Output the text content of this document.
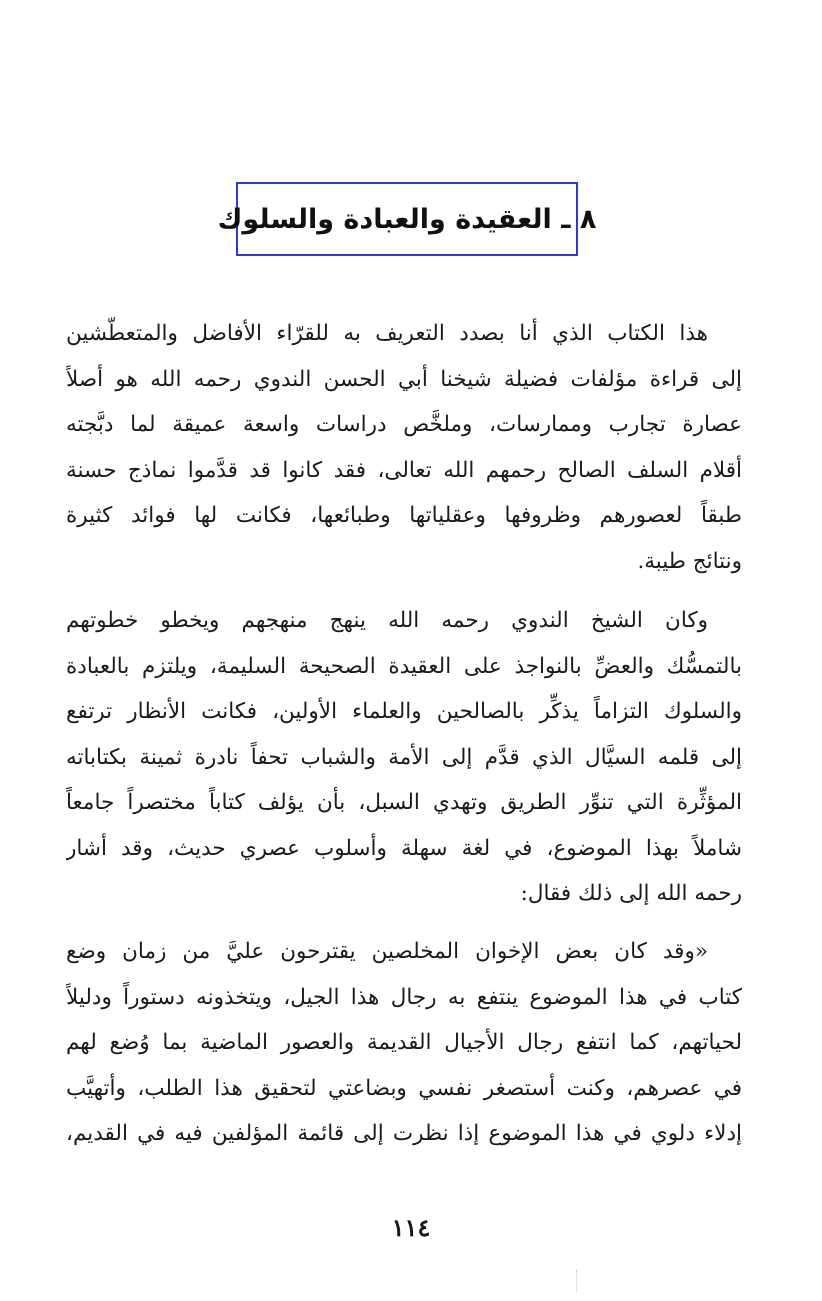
٨ ـ العقيدة والعبادة والسلوك
هذا الكتاب الذي أنا بصدد التعريف به للقرّاء الأفاضل والمتعطّشين
إلى قراءة مؤلفات فضيلة شيخنا أبي الحسن الندوي رحمه الله هو أصلاً
عصارة تجارب وممارسات، وملخَّص دراسات واسعة عميقة لما دبَّجته
أقلام السلف الصالح رحمهم الله تعالى، فقد كانوا قد قدَّموا نماذج حسنة
طبقاً لعصورهم وظروفها وعقلياتها وطبائعها، فكانت لها فوائد كثيرة
ونتائج طيبة.
وكان الشيخ الندوي رحمه الله ينهج منهجهم ويخطو خطوتهم
بالتمسُّك والعضِّ بالنواجذ على العقيدة الصحيحة السليمة، ويلتزم بالعبادة
والسلوك التزاماً يذكِّر بالصالحين والعلماء الأولين، فكانت الأنظار ترتفع
إلى قلمه السيَّال الذي قدَّم إلى الأمة والشباب تحفاً نادرة ثمينة بكتاباته
المؤثِّرة التي تنوِّر الطريق وتهدي السبل، بأن يؤلف كتاباً مختصراً جامعاً
شاملاً بهذا الموضوع، في لغة سهلة وأسلوب عصري حديث، وقد أشار
رحمه الله إلى ذلك فقال:
«وقد كان بعض الإخوان المخلصين يقترحون عليَّ من زمان وضع
كتاب في هذا الموضوع ينتفع به رجال هذا الجيل، ويتخذونه دستوراً ودليلاً
لحياتهم، كما انتفع رجال الأجيال القديمة والعصور الماضية بما وُضع لهم
في عصرهم، وكنت أستصغر نفسي وبضاعتي لتحقيق هذا الطلب، وأتهيَّب
إدلاء دلوي في هذا الموضوع إذا نظرت إلى قائمة المؤلفين فيه في القديم،
١١٤
